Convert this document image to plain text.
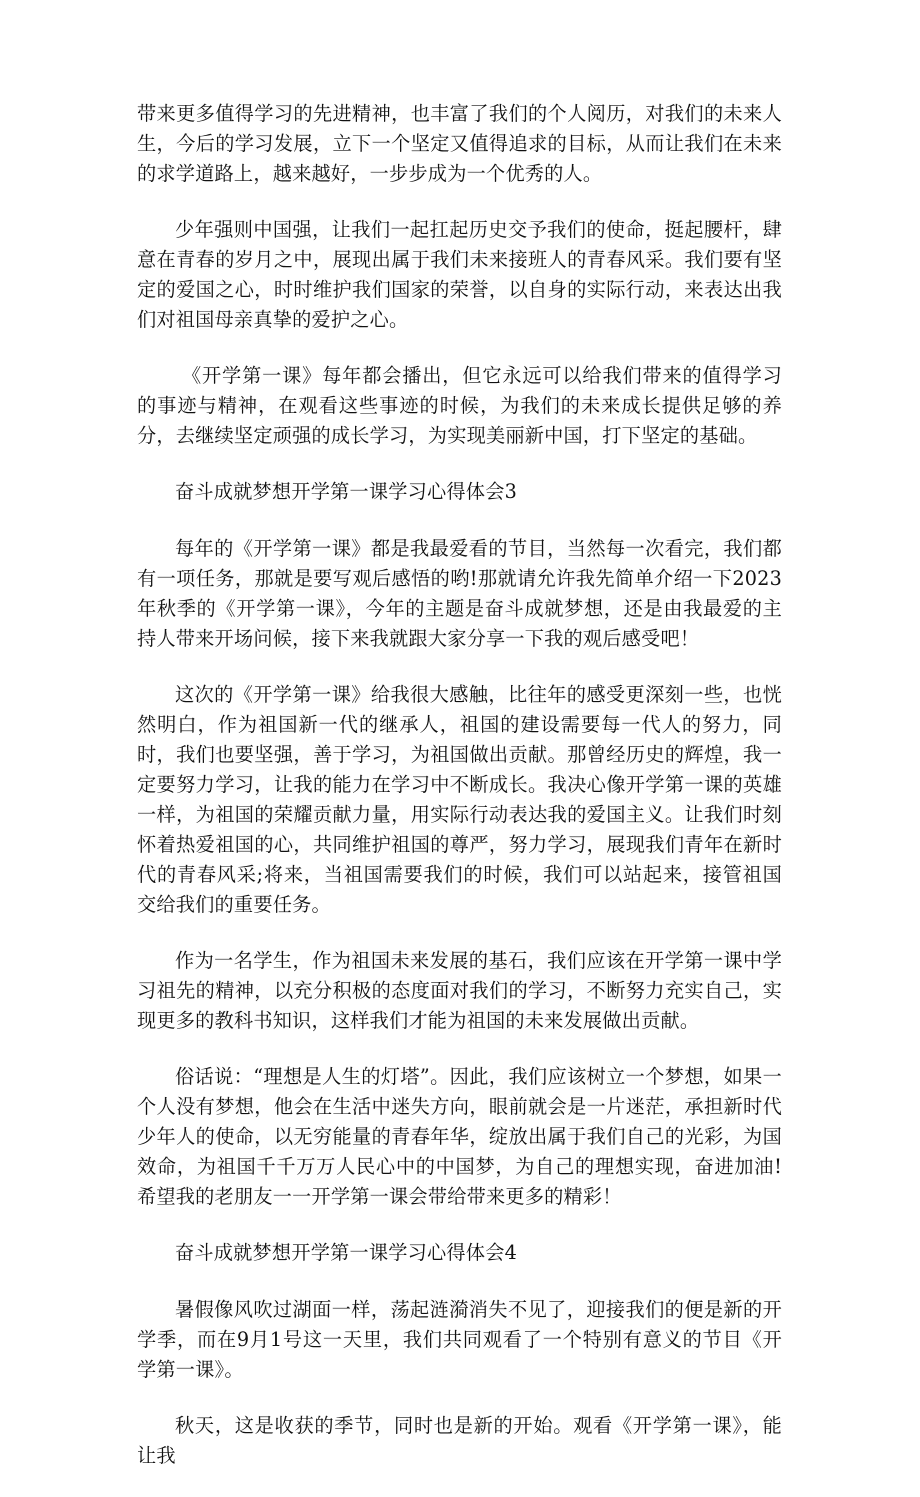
带来更多值得学习的先进精神，也丰富了我们的个人阅历，对我们的未来人生，今后的学习发展，立下一个坚定又值得追求的目标，从而让我们在未来的求学道路上，越来越好，一步步成为一个优秀的人。

少年强则中国强，让我们一起扛起历史交予我们的使命，挺起腰杆，肆意在青春的岁月之中，展现出属于我们未来接班人的青春风采。我们要有坚定的爱国之心，时时维护我们国家的荣誉，以自身的实际行动，来表达出我们对祖国母亲真挚的爱护之心。

《开学第一课》每年都会播出，但它永远可以给我们带来的值得学习的事迹与精神，在观看这些事迹的时候，为我们的未来成长提供足够的养分，去继续坚定顽强的成长学习，为实现美丽新中国，打下坚定的基础。

奋斗成就梦想开学第一课学习心得体会3

每年的《开学第一课》都是我最爱看的节目，当然每一次看完，我们都有一项任务，那就是要写观后感悟的哟!那就请允许我先简单介绍一下2023年秋季的《开学第一课》，今年的主题是奋斗成就梦想，还是由我最爱的主持人带来开场问候，接下来我就跟大家分享一下我的观后感受吧！

这次的《开学第一课》给我很大感触，比往年的感受更深刻一些，也恍然明白，作为祖国新一代的继承人，祖国的建设需要每一代人的努力，同时，我们也要坚强，善于学习，为祖国做出贡献。那曾经历史的辉煌，我一定要努力学习，让我的能力在学习中不断成长。我决心像开学第一课的英雄一样，为祖国的荣耀贡献力量，用实际行动表达我的爱国主义。让我们时刻怀着热爱祖国的心，共同维护祖国的尊严，努力学习，展现我们青年在新时代的青春风采;将来，当祖国需要我们的时候，我们可以站起来，接管祖国交给我们的重要任务。

作为一名学生，作为祖国未来发展的基石，我们应该在开学第一课中学习祖先的精神，以充分积极的态度面对我们的学习，不断努力充实自己，实现更多的教科书知识，这样我们才能为祖国的未来发展做出贡献。

俗话说：“理想是人生的灯塔”。因此，我们应该树立一个梦想，如果一个人没有梦想，他会在生活中迷失方向，眼前就会是一片迷茫，承担新时代少年人的使命，以无穷能量的青春年华，绽放出属于我们自己的光彩，为国效命，为祖国千千万万人民心中的中国梦，为自己的理想实现，奋进加油!希望我的老朋友一一开学第一课会带给带来更多的精彩！

奋斗成就梦想开学第一课学习心得体会4

暑假像风吹过湖面一样，荡起涟漪消失不见了，迎接我们的便是新的开学季，而在9月1号这一天里，我们共同观看了一个特别有意义的节目《开学第一课》。

秋天，这是收获的季节，同时也是新的开始。观看《开学第一课》，能让我
